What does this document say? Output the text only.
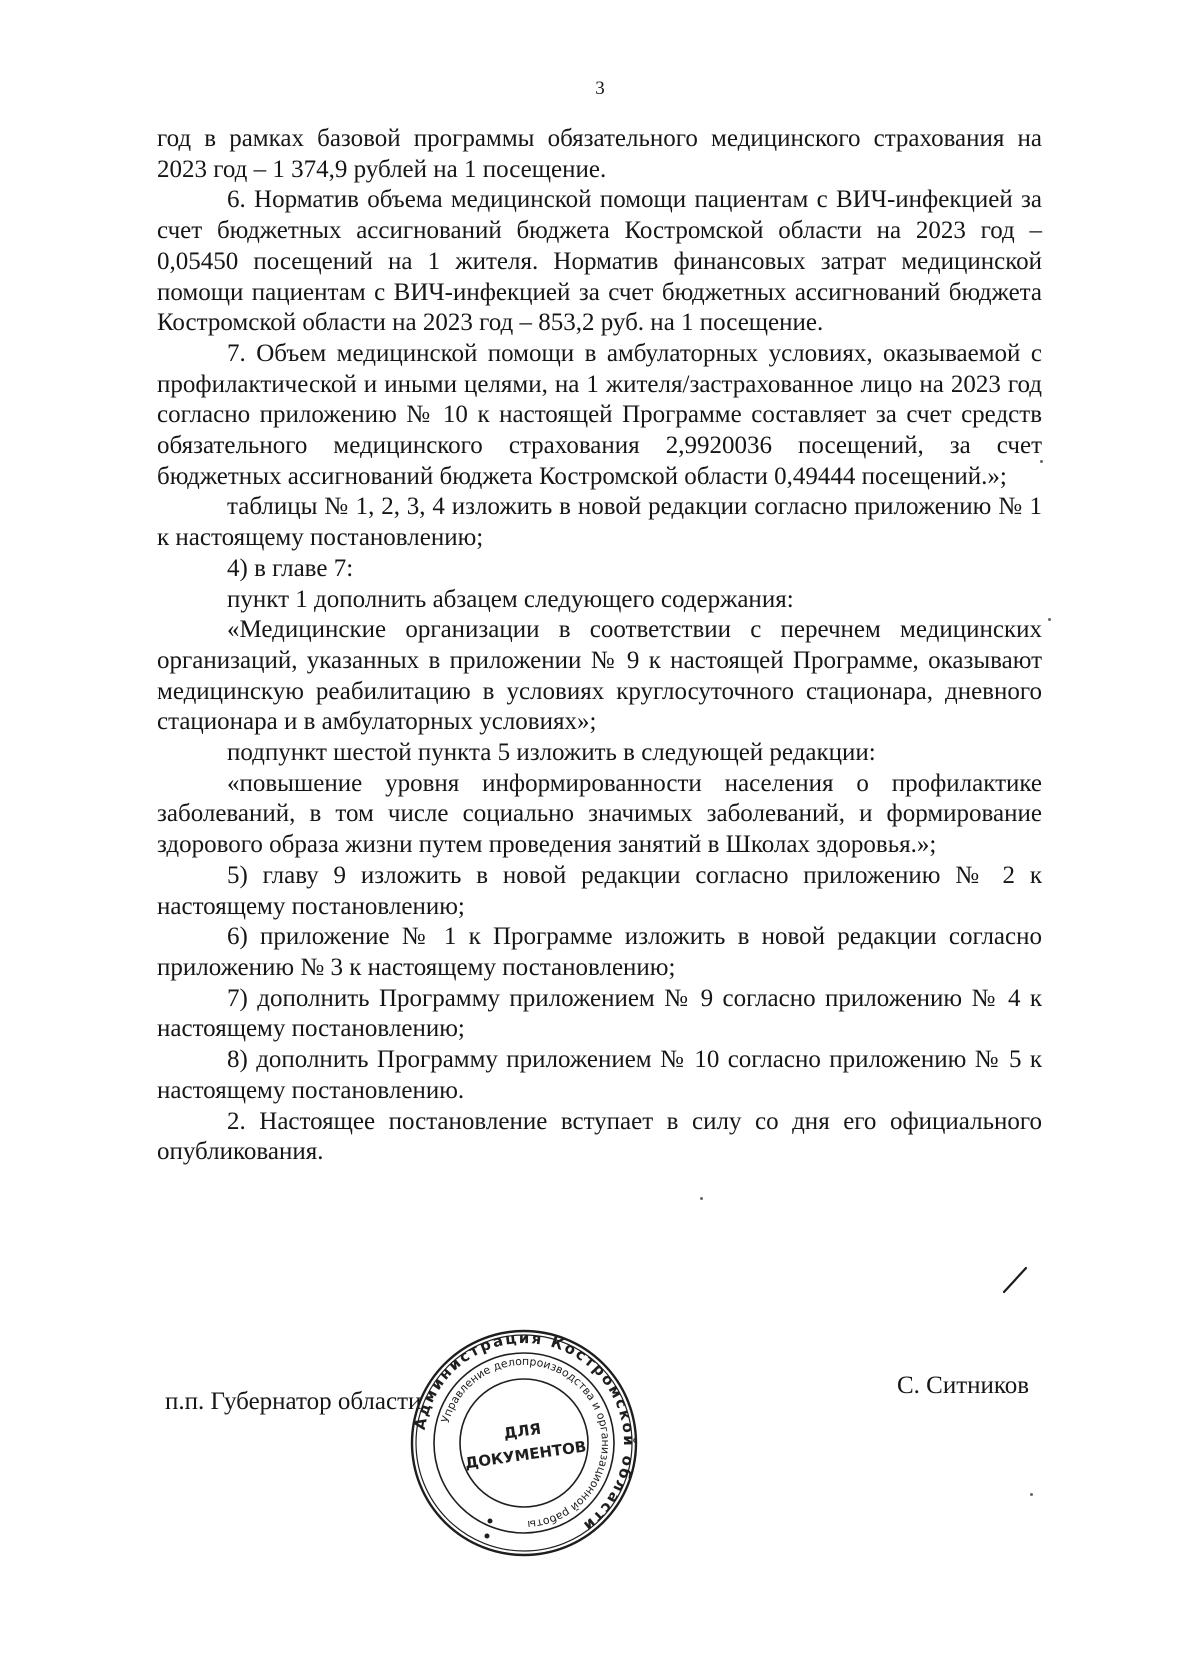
3

год в рамках базовой программы обязательного медицинского страхования на 2023 год – 1 374,9 рублей на 1 посещение.

6. Норматив объема медицинской помощи пациентам с ВИЧ-инфекцией за счет бюджетных ассигнований бюджета Костромской области на 2023 год – 0,05450 посещений на 1 жителя. Норматив финансовых затрат медицинской помощи пациентам с ВИЧ-инфекцией за счет бюджетных ассигнований бюджета Костромской области на 2023 год – 853,2 руб. на 1 посещение.

7. Объем медицинской помощи в амбулаторных условиях, оказываемой с профилактической и иными целями, на 1 жителя/застрахованное лицо на 2023 год согласно приложению № 10 к настоящей Программе составляет за счет средств обязательного медицинского страхования 2,9920036 посещений, за счет бюджетных ассигнований бюджета Костромской области 0,49444 посещений.»;

таблицы № 1, 2, 3, 4 изложить в новой редакции согласно приложению № 1 к настоящему постановлению;

4) в главе 7:

пункт 1 дополнить абзацем следующего содержания:

«Медицинские организации в соответствии с перечнем медицинских организаций, указанных в приложении № 9 к настоящей Программе, оказывают медицинскую реабилитацию в условиях круглосуточного стационара, дневного стационара и в амбулаторных условиях»;

подпункт шестой пункта 5 изложить в следующей редакции:

«повышение уровня информированности населения о профилактике заболеваний, в том числе социально значимых заболеваний, и формирование здорового образа жизни путем проведения занятий в Школах здоровья.»;

5) главу 9 изложить в новой редакции согласно приложению № 2 к настоящему постановлению;

6) приложение № 1 к Программе изложить в новой редакции согласно приложению № 3 к настоящему постановлению;

7) дополнить Программу приложением № 9 согласно приложению № 4 к настоящему постановлению;

8) дополнить Программу приложением № 10 согласно приложению № 5 к настоящему постановлению.

2. Настоящее постановление вступает в силу со дня его официального опубликования.

п.п. Губернатор области
С. Ситников
Администрация Костромской области
Управление делопроизводства и организационной работы
ДЛЯ
ДОКУМЕНТОВ
